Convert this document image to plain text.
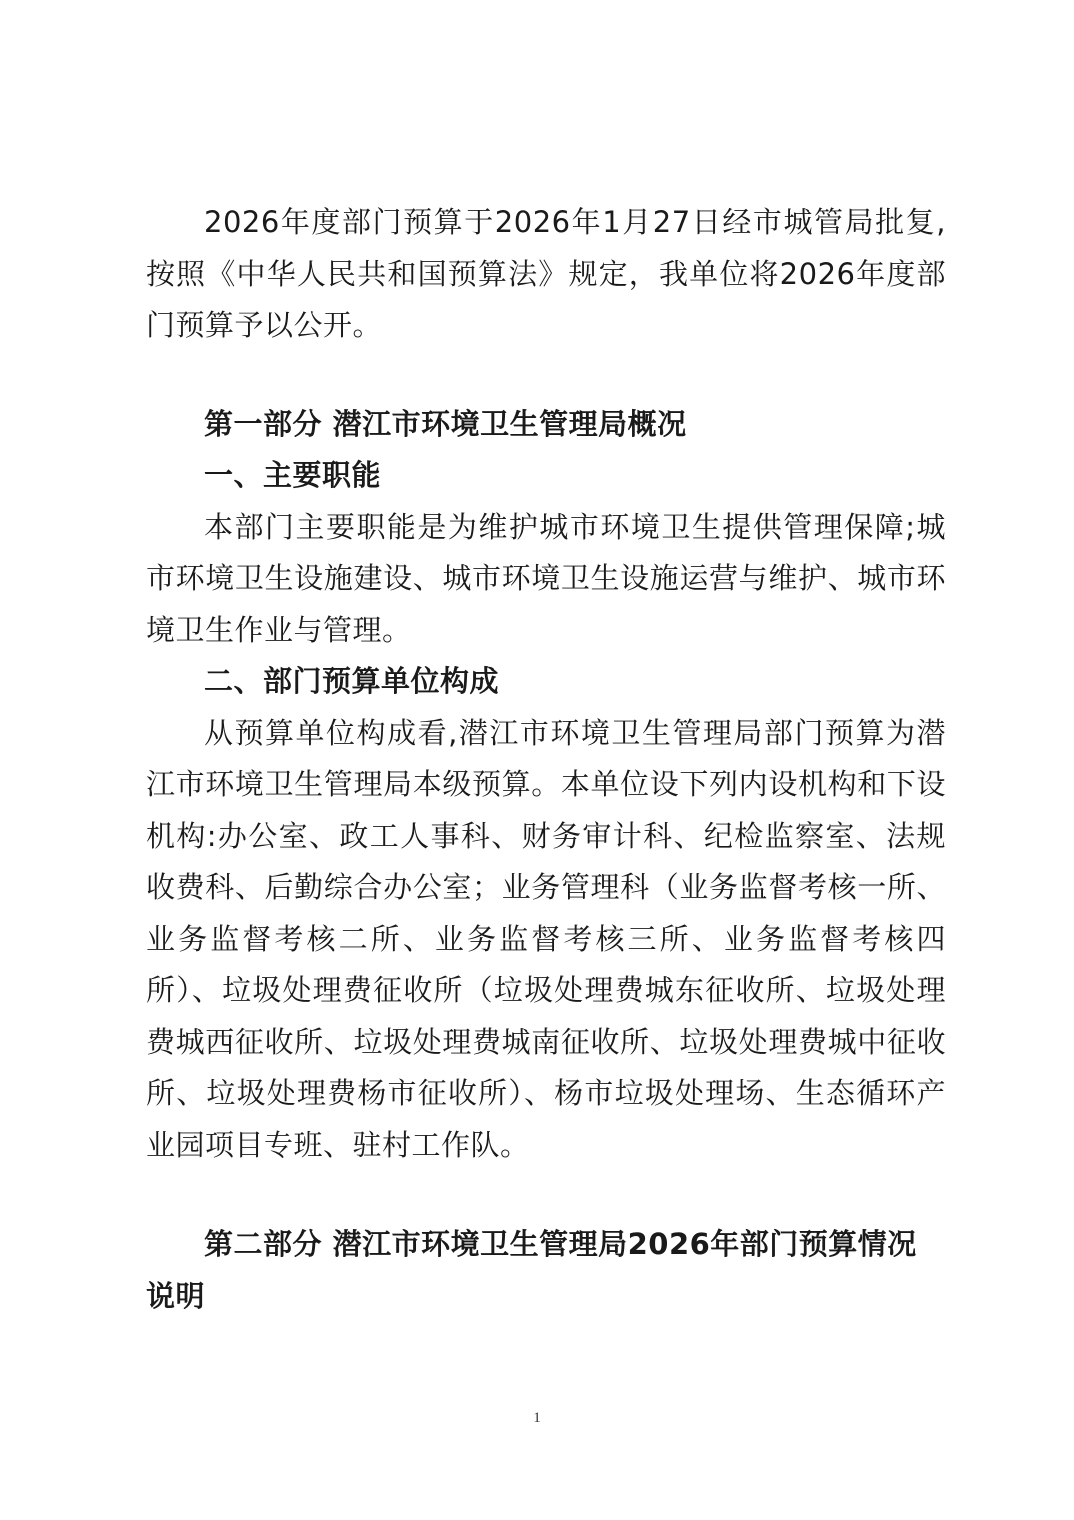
2026年度部门预算于2026年1月27日经市城管局批复,按照《中华人民共和国预算法》规定，我单位将2026年度部门预算予以公开。

第一部分 潜江市环境卫生管理局概况

一、主要职能

本部门主要职能是为维护城市环境卫生提供管理保障;城市环境卫生设施建设、城市环境卫生设施运营与维护、城市环境卫生作业与管理。

二、部门预算单位构成

从预算单位构成看,潜江市环境卫生管理局部门预算为潜江市环境卫生管理局本级预算。本单位设下列内设机构和下设机构:办公室、政工人事科、财务审计科、纪检监察室、法规收费科、后勤综合办公室；业务管理科（业务监督考核一所、业务监督考核二所、业务监督考核三所、业务监督考核四所）、垃圾处理费征收所（垃圾处理费城东征收所、垃圾处理费城西征收所、垃圾处理费城南征收所、垃圾处理费城中征收所、垃圾处理费杨市征收所）、杨市垃圾处理场、生态循环产业园项目专班、驻村工作队。

第二部分 潜江市环境卫生管理局2026年部门预算情况说明

1
